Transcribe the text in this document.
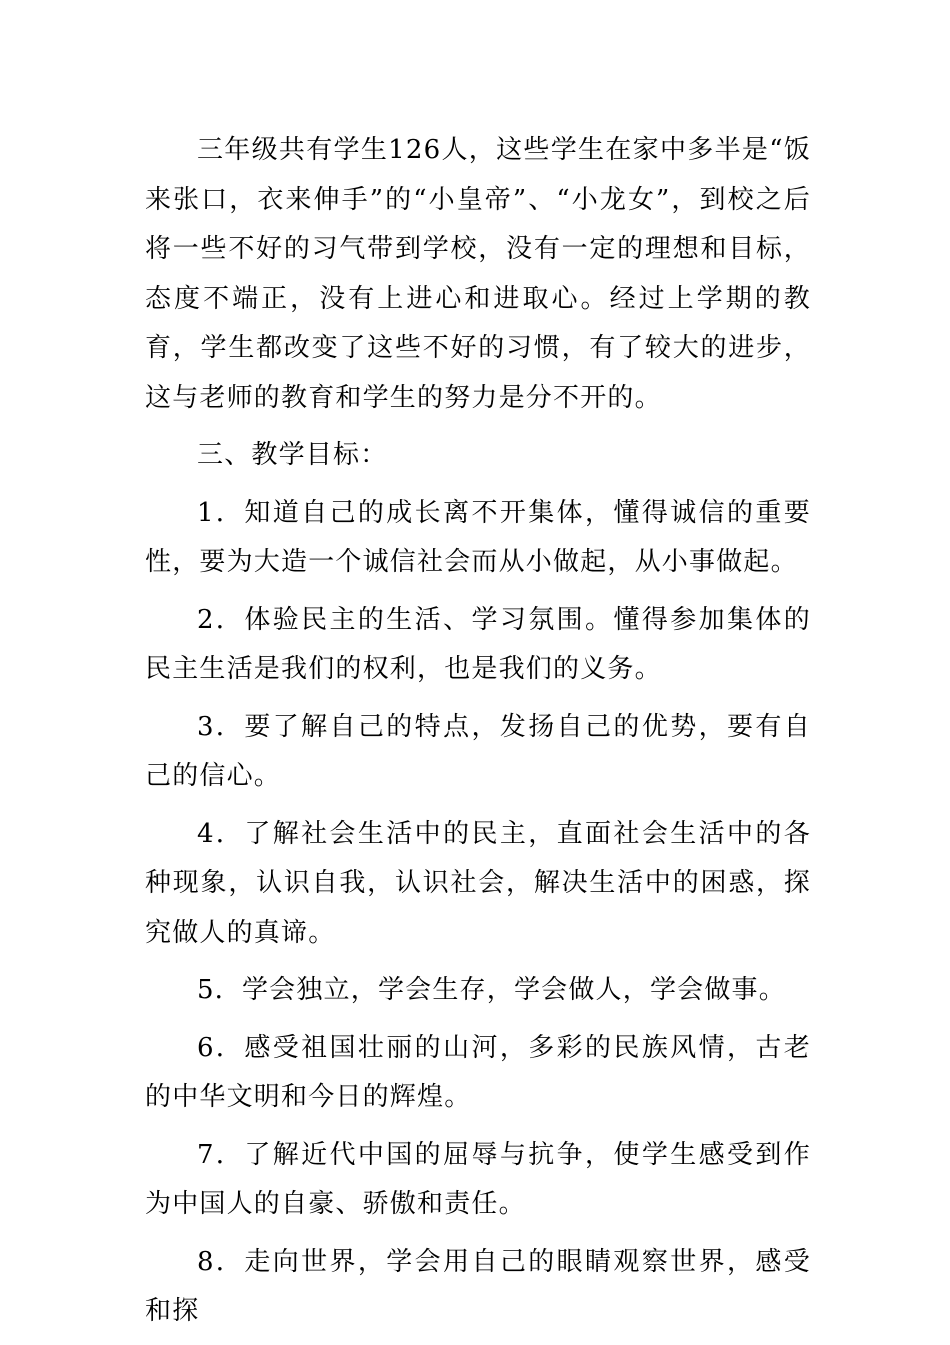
三年级共有学生126人，这些学生在家中多半是“饭来张口，衣来伸手”的“小皇帝”、“小龙女”，到校之后将一些不好的习气带到学校，没有一定的理想和目标，态度不端正，没有上进心和进取心。经过上学期的教育，学生都改变了这些不好的习惯，有了较大的进步，这与老师的教育和学生的努力是分不开的。

三、教学目标：

1．知道自己的成长离不开集体，懂得诚信的重要性，要为大造一个诚信社会而从小做起，从小事做起。

2．体验民主的生活、学习氛围。懂得参加集体的民主生活是我们的权利，也是我们的义务。

3．要了解自己的特点，发扬自己的优势，要有自己的信心。

4．了解社会生活中的民主，直面社会生活中的各种现象，认识自我，认识社会，解决生活中的困惑，探究做人的真谛。

5．学会独立，学会生存，学会做人，学会做事。

6．感受祖国壮丽的山河，多彩的民族风情，古老的中华文明和今日的辉煌。

7．了解近代中国的屈辱与抗争，使学生感受到作为中国人的自豪、骄傲和责任。

8．走向世界，学会用自己的眼睛观察世界，感受和探
